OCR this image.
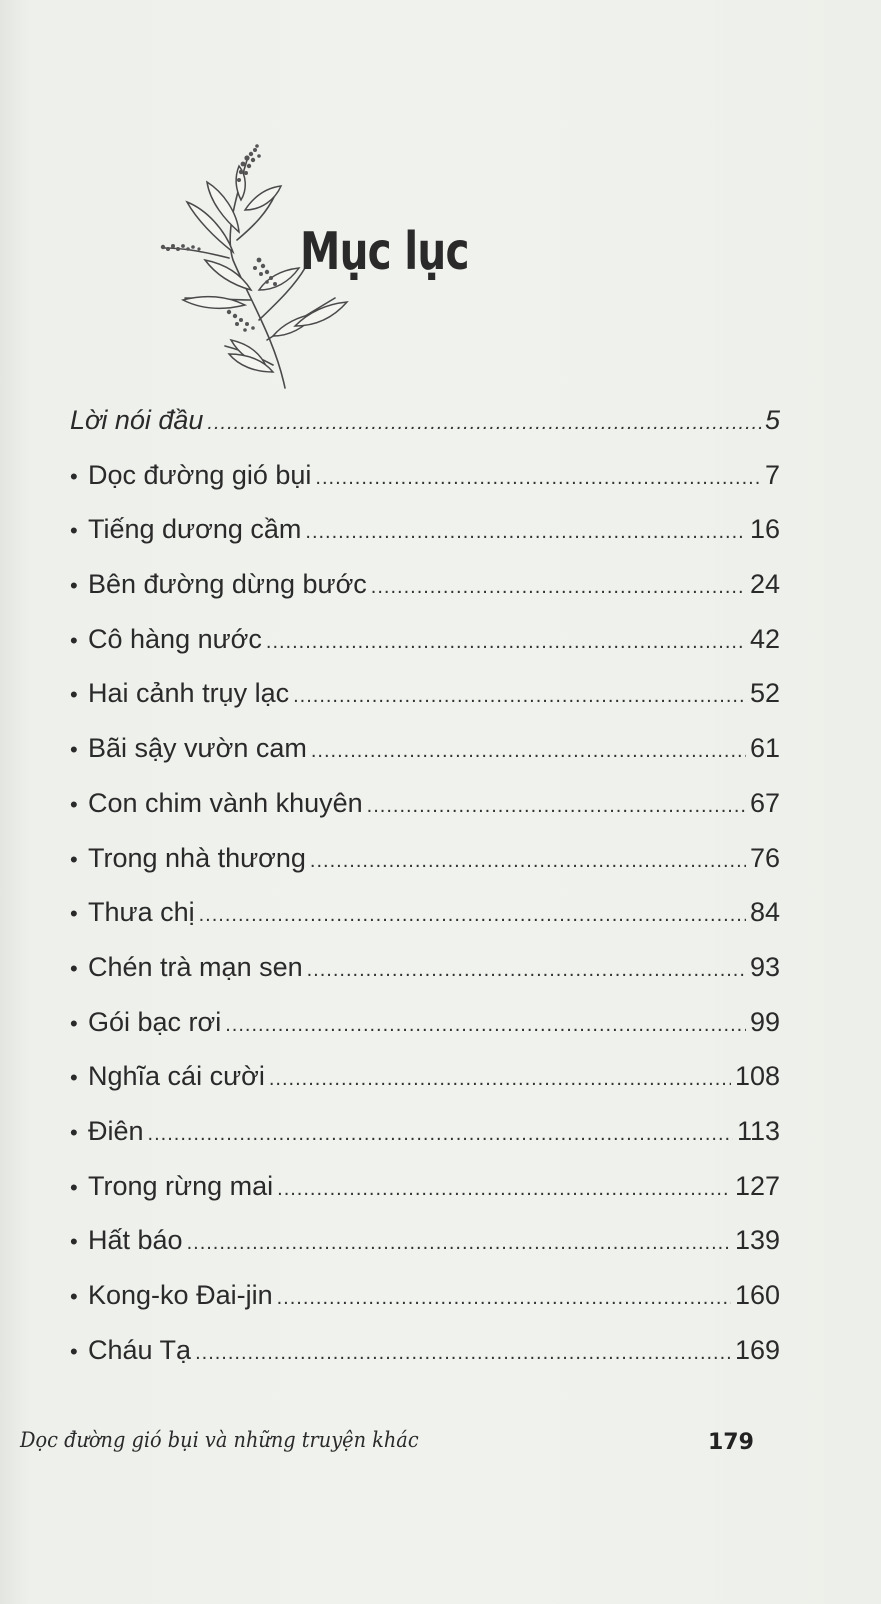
Mục lục
Lời nói đầu .....	5
• Dọc đường gió bụi .....	7
• Tiếng dương cầm .....	16
• Bên đường dừng bước .....	24
• Cô hàng nước .....	42
• Hai cảnh trụy lạc .....	52
• Bãi sậy vườn cam .....	61
• Con chim vành khuyên .....	67
• Trong nhà thương .....	76
• Thưa chị .....	84
• Chén trà mạn sen .....	93
• Gói bạc rơi .....	99
• Nghĩa cái cười .....	108
• Điên .....	113
• Trong rừng mai .....	127
• Hất báo .....	139
• Kong-ko Đai-jin .....	160
• Cháu Tạ .....	169
Dọc đường gió bụi và những truyện khác	179
